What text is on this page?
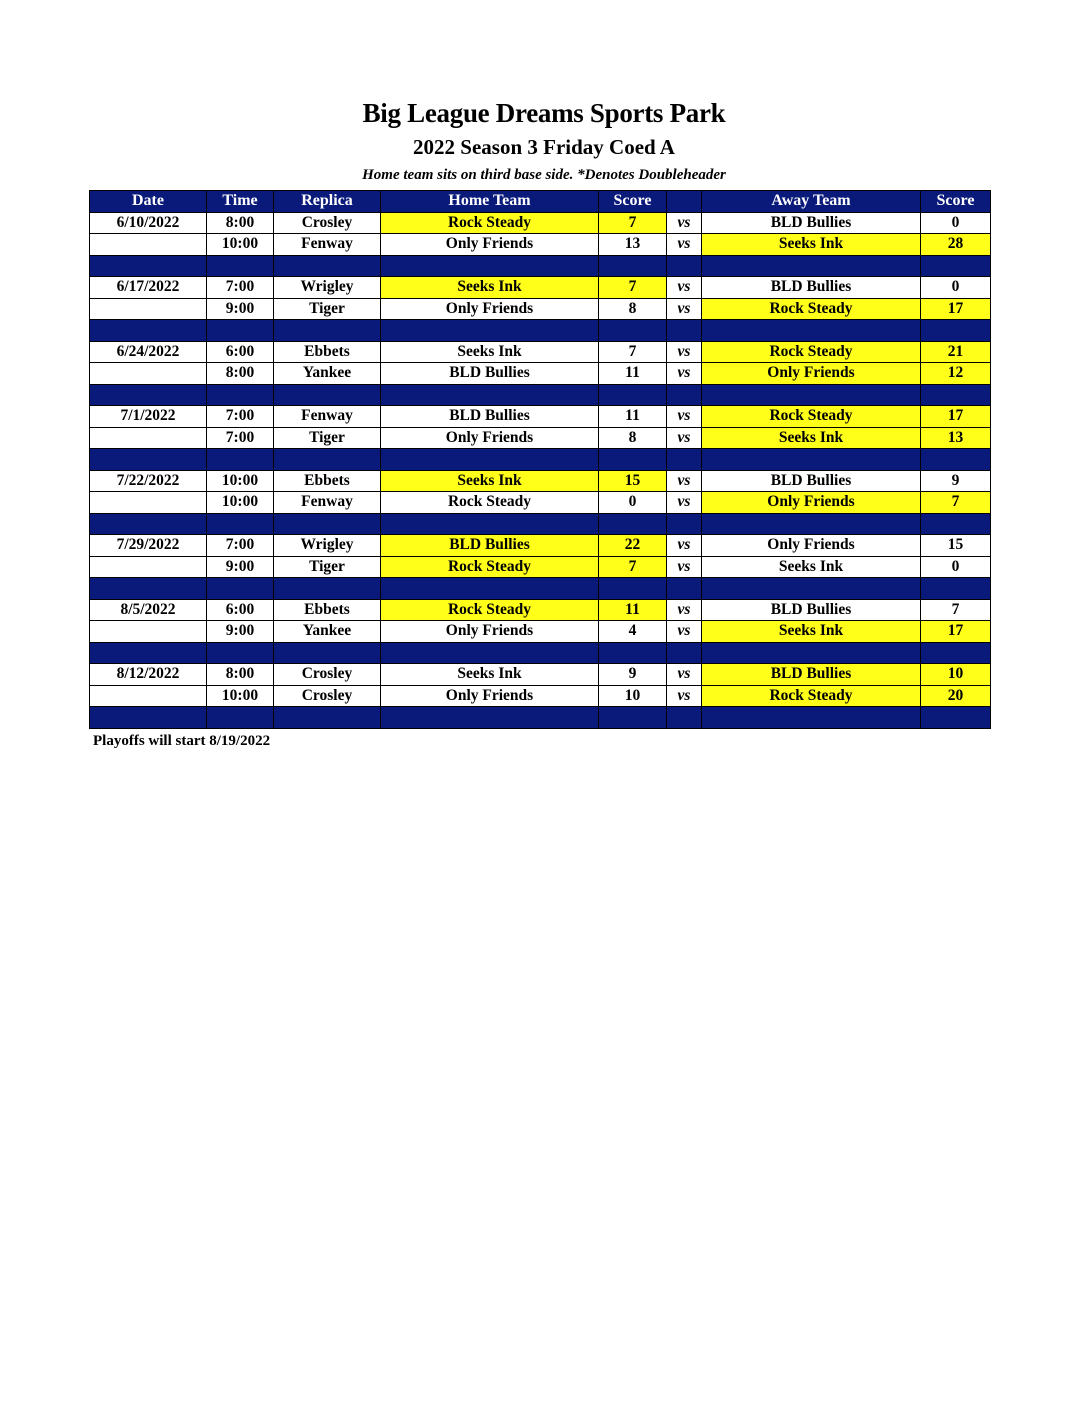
Big League Dreams Sports Park
2022 Season 3 Friday Coed A
Home team sits on third base side. *Denotes Doubleheader
Date	Time	Replica	Home Team	Score		Away Team	Score
6/10/2022	8:00	Crosley	Rock Steady	7	vs	BLD Bullies	0
	10:00	Fenway	Only Friends	13	vs	Seeks Ink	28

6/17/2022	7:00	Wrigley	Seeks Ink	7	vs	BLD Bullies	0
	9:00	Tiger	Only Friends	8	vs	Rock Steady	17

6/24/2022	6:00	Ebbets	Seeks Ink	7	vs	Rock Steady	21
	8:00	Yankee	BLD Bullies	11	vs	Only Friends	12

7/1/2022	7:00	Fenway	BLD Bullies	11	vs	Rock Steady	17
	7:00	Tiger	Only Friends	8	vs	Seeks Ink	13

7/22/2022	10:00	Ebbets	Seeks Ink	15	vs	BLD Bullies	9
	10:00	Fenway	Rock Steady	0	vs	Only Friends	7

7/29/2022	7:00	Wrigley	BLD Bullies	22	vs	Only Friends	15
	9:00	Tiger	Rock Steady	7	vs	Seeks Ink	0

8/5/2022	6:00	Ebbets	Rock Steady	11	vs	BLD Bullies	7
	9:00	Yankee	Only Friends	4	vs	Seeks Ink	17

8/12/2022	8:00	Crosley	Seeks Ink	9	vs	BLD Bullies	10
	10:00	Crosley	Only Friends	10	vs	Rock Steady	20

Playoffs will start 8/19/2022
